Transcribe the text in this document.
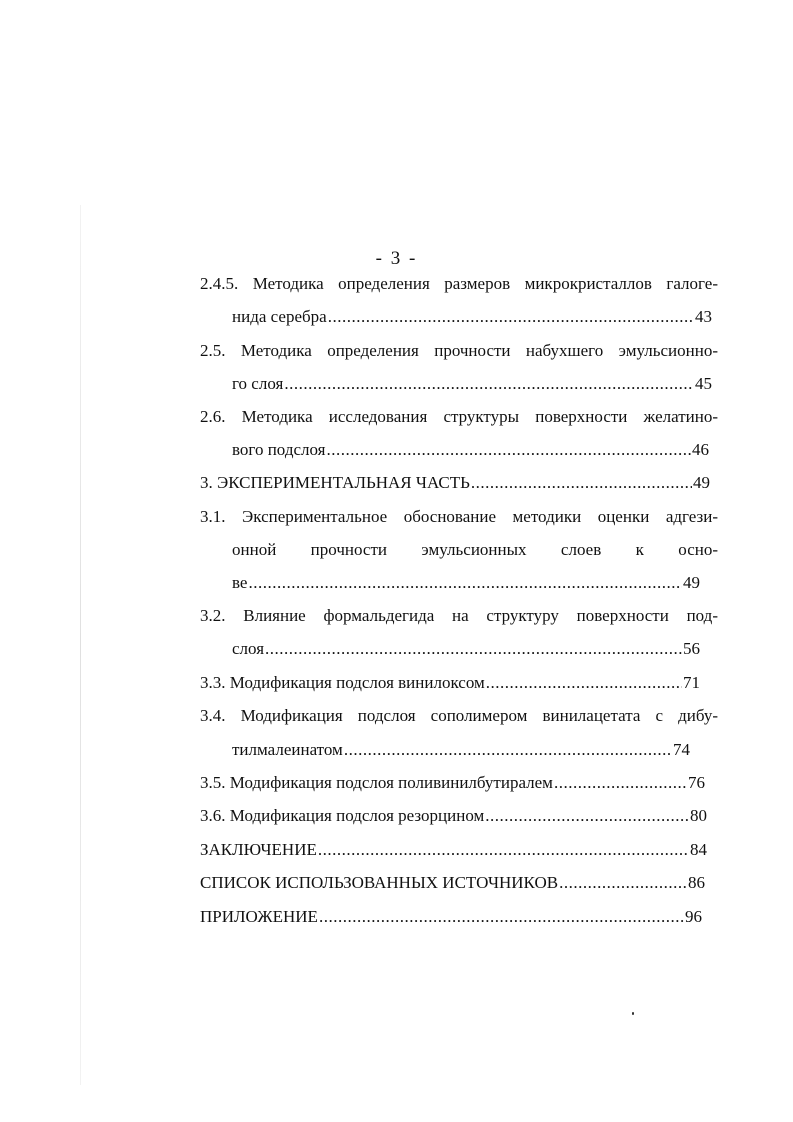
- 3 -
2.4.5. Методика определения размеров микрокристаллов галоге-
нида серебра .....	43
2.5. Методика определения прочности набухшего эмульсионно-
го слоя .....	45
2.6. Методика исследования структуры поверхности желатино-
вого подслоя .....	46
3. ЭКСПЕРИМЕНТАЛЬНАЯ ЧАСТЬ .....	49
3.1. Экспериментальное обоснование методики оценки адгези-
онной прочности эмульсионных слоев к осно-
ве .....	49
3.2. Влияние формальдегида на структуру поверхности под-
слоя .....	56
3.3. Модификация подслоя винилоксом .....	71
3.4. Модификация подслоя сополимером винилацетата с дибу-
тилмалеинатом .....	74
3.5. Модификация подслоя поливинилбутиралем .....	76
3.6. Модификация подслоя резорцином .....	80
ЗАКЛЮЧЕНИЕ .....	84
СПИСОК ИСПОЛЬЗОВАННЫХ ИСТОЧНИКОВ .....	86
ПРИЛОЖЕНИЕ .....	96
